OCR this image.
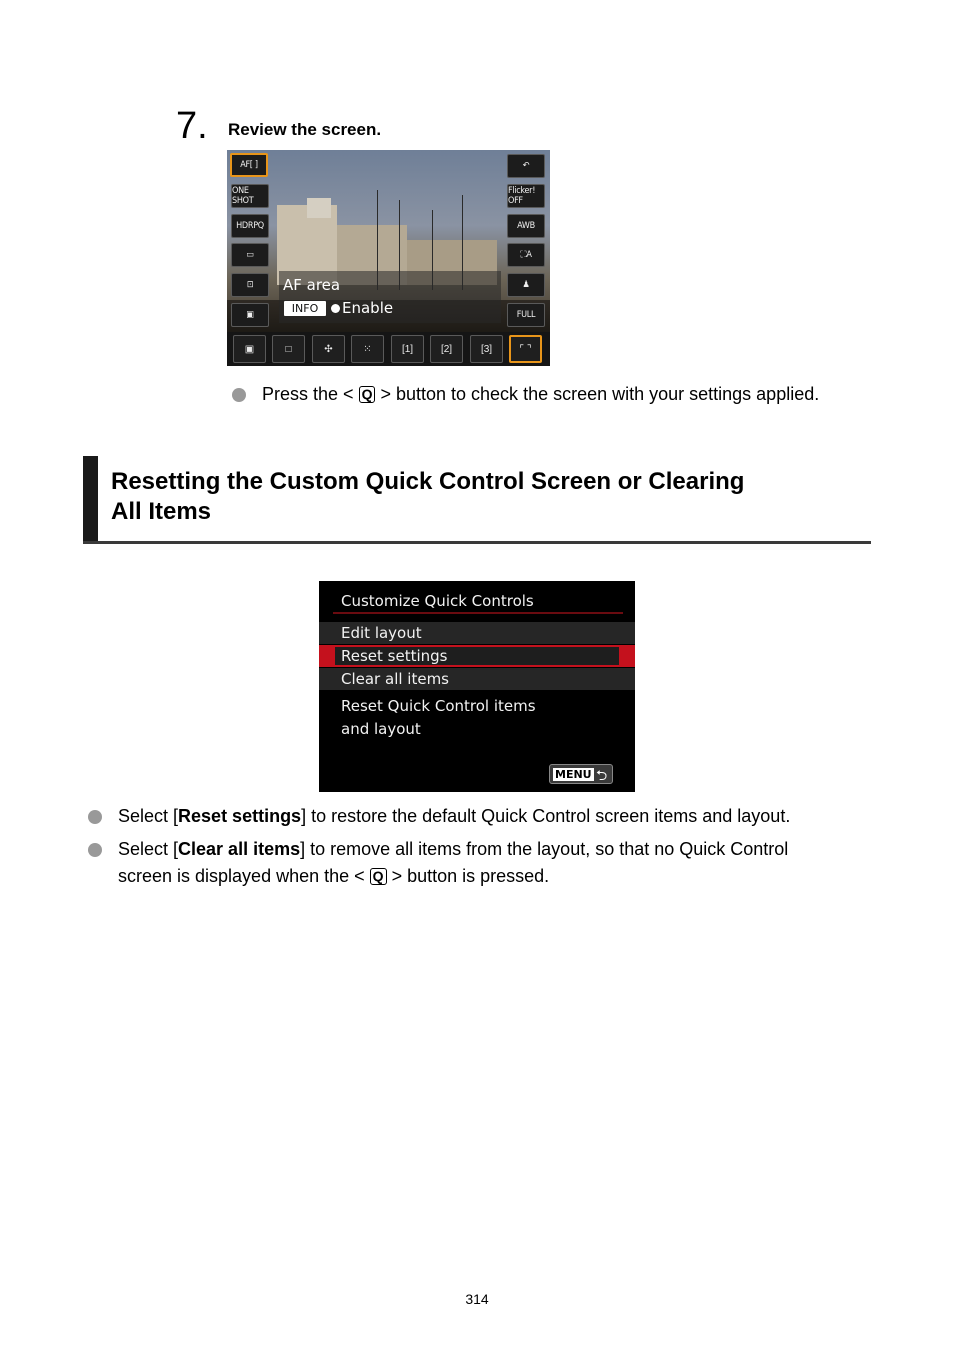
7. Review the screen.
AF[ ]
ONE SHOT
HDRPQ
▭
⊡
▣
↶
Flicker! OFF
AWB
⛶ A
♟
FULL
AF area
INFO	Enable
▣	□	✣	⁙	[1]	[2]	[3]	⌜ ⌝
Press the < Q > button to check the screen with your settings applied.
Resetting the Custom Quick Control Screen or Clearing
All Items
Customize Quick Controls
Edit layout
Reset settings
Clear all items
Reset Quick Control items
and layout
MENU ⮌
Select [Reset settings] to restore the default Quick Control screen items and layout.
Select [Clear all items] to remove all items from the layout, so that no Quick Control
screen is displayed when the < Q > button is pressed.
314
